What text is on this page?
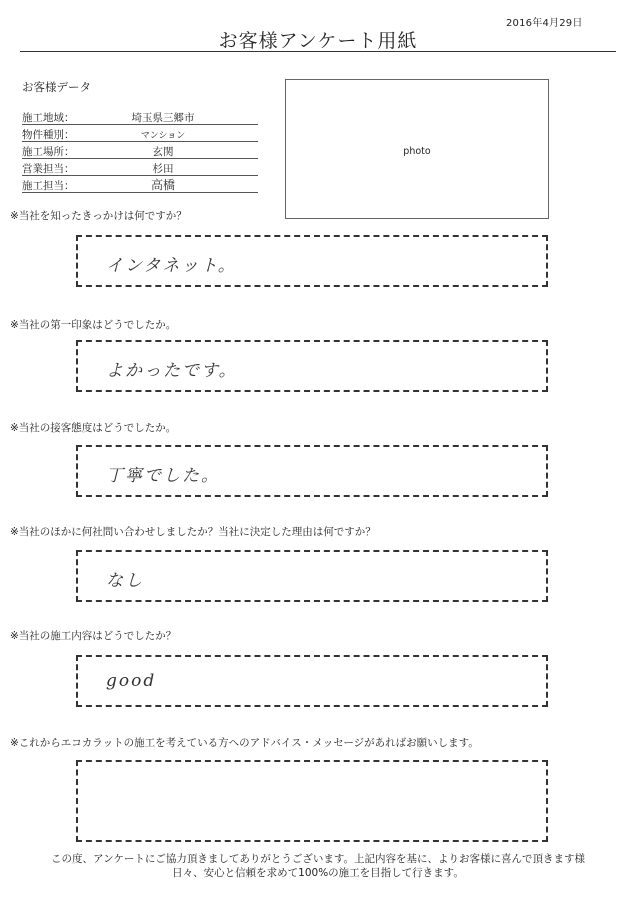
2016年4月29日
お客様アンケート用紙
お客様データ
施工地域：	埼玉県三郷市
物件種別：	マンション
施工場所：	玄関
営業担当：	杉田
施工担当：	高橋
photo
※当社を知ったきっかけは何ですか？
インタネット。
※当社の第一印象はどうでしたか。
よかったです。
※当社の接客態度はどうでしたか。
丁寧でした。
※当社のほかに何社問い合わせしましたか？当社に決定した理由は何ですか？
なし
※当社の施工内容はどうでしたか？
good
※これからエコカラットの施工を考えている方へのアドバイス・メッセージがあればお願いします。
この度、アンケートにご協力頂きましてありがとうございます。上記内容を基に、よりお客様に喜んで頂きます様
日々、安心と信頼を求めて100%の施工を目指して行きます。
